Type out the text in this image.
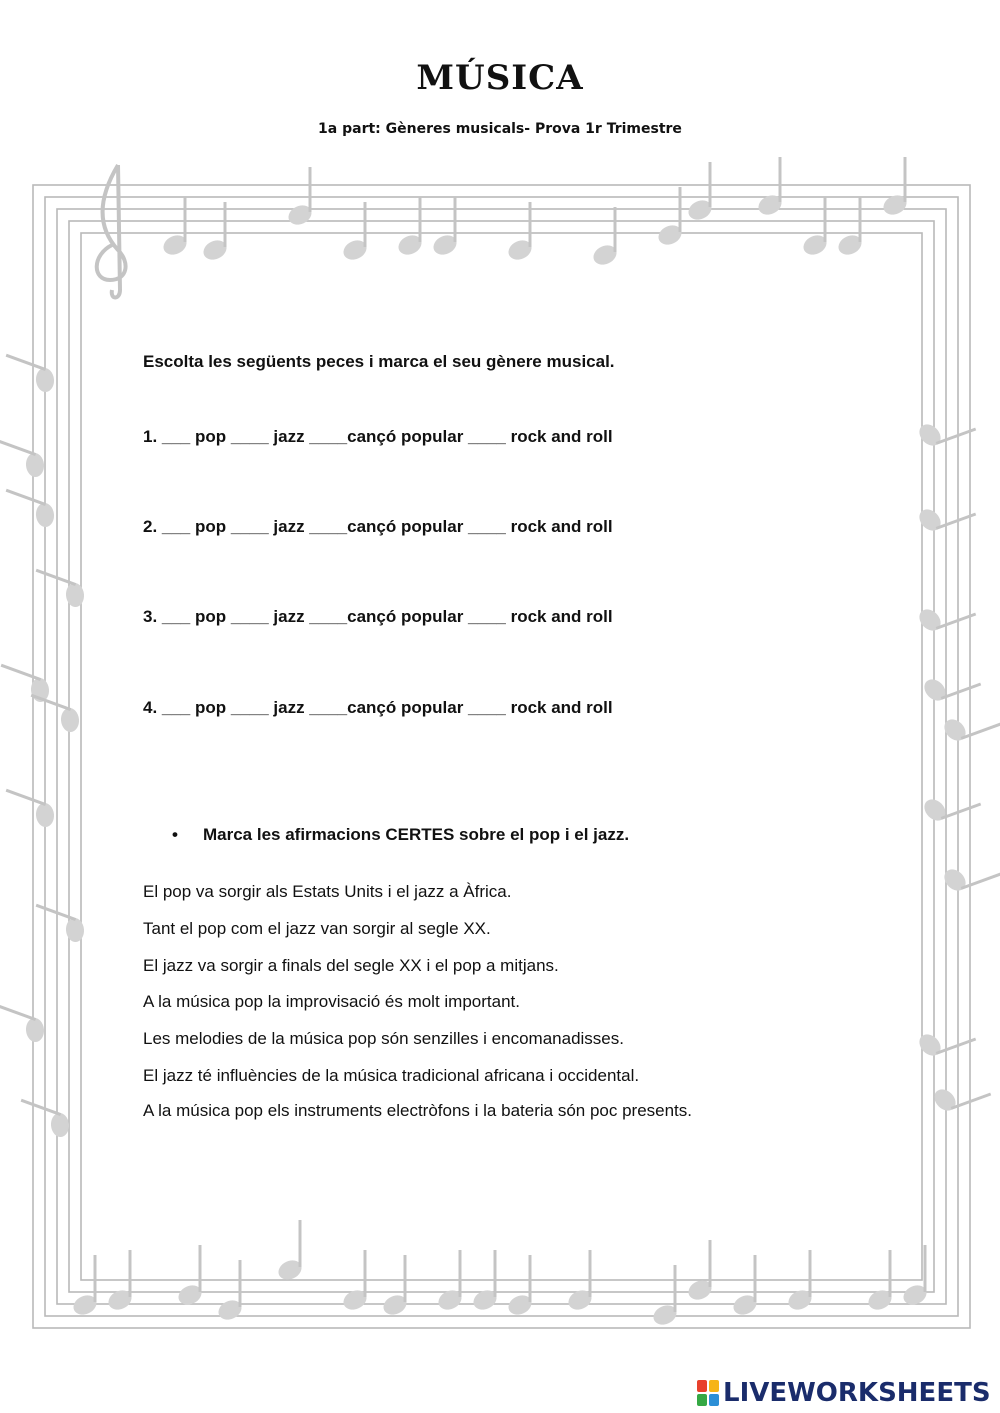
MÚSICA
1a part: Gèneres musicals- Prova 1r Trimestre
Escolta les següents peces i marca el seu gènere musical.
1. ___ pop ____ jazz ____cançó popular ____ rock and roll
2. ___ pop ____ jazz ____cançó popular ____ rock and roll
3. ___ pop ____ jazz ____cançó popular ____ rock and roll
4. ___ pop ____ jazz ____cançó popular ____ rock and roll
• Marca les afirmacions CERTES sobre el pop i el jazz.
El pop va sorgir als Estats Units i el jazz a Àfrica.
Tant el pop com el jazz van sorgir al segle XX.
El jazz va sorgir a finals del segle XX i el pop a mitjans.
A la música pop la improvisació és molt important.
Les melodies de la música pop són senzilles i encomanadisses.
El jazz té influències de la música tradicional africana i occidental.
A la música pop els instruments electròfons i la bateria són poc presents.
LIVEWORKSHEETS
